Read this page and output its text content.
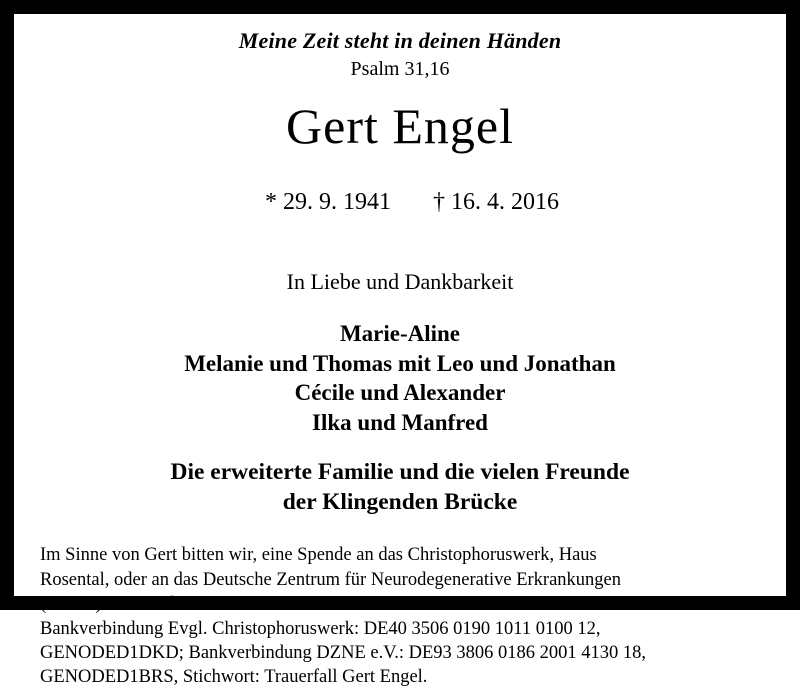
Meine Zeit steht in deinen Händen
Psalm 31,16
Gert Engel

* 29. 9. 1941 † 16. 4. 2016

In Liebe und Dankbarkeit
Marie-Aline
Melanie und Thomas mit Leo und Jonathan
Cécile und Alexander
Ilka und Manfred
Die erweiterte Familie und die vielen Freunde
der Klingenden Brücke

Im Sinne von Gert bitten wir, eine Spende an das Christophoruswerk, Haus

Rosental, oder an das Deutsche Zentrum für Neurodegenerative Erkrankungen

(DZNE) zu entrichten.

Bankverbindung Evgl. Christophoruswerk: DE40 3506 0190 1011 0100 12,

GENODED1DKD; Bankverbindung DZNE e.V.: DE93 3806 0186 2001 4130 18,

GENODED1BRS, Stichwort: Trauerfall Gert Engel.
